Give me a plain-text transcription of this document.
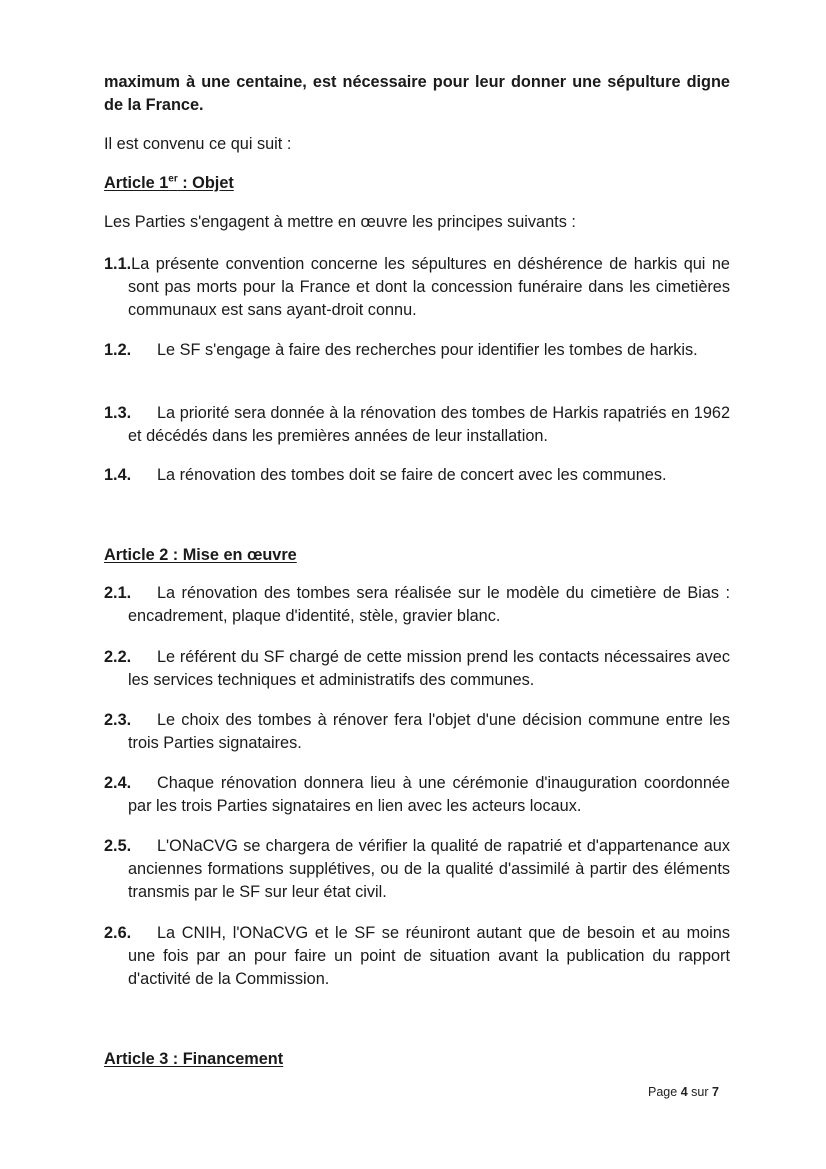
maximum à une centaine, est nécessaire pour leur donner une sépulture digne de la France.
Il est convenu ce qui suit :
Article 1er : Objet
Les Parties s'engagent à mettre en œuvre les principes suivants :
1.1.La présente convention concerne les sépultures en déshérence de harkis qui ne sont pas morts pour la France et dont la concession funéraire dans les cimetières communaux est sans ayant-droit connu.
1.2. Le SF s'engage à faire des recherches pour identifier les tombes de harkis.
1.3. La priorité sera donnée à la rénovation des tombes de Harkis rapatriés en 1962 et décédés dans les premières années de leur installation.
1.4. La rénovation des tombes doit se faire de concert avec les communes.
Article 2 : Mise en œuvre
2.1. La rénovation des tombes sera réalisée sur le modèle du cimetière de Bias : encadrement, plaque d'identité, stèle, gravier blanc.
2.2. Le référent du SF chargé de cette mission prend les contacts nécessaires avec les services techniques et administratifs des communes.
2.3. Le choix des tombes à rénover fera l'objet d'une décision commune entre les trois Parties signataires.
2.4. Chaque rénovation donnera lieu à une cérémonie d'inauguration coordonnée par les trois Parties signataires en lien avec les acteurs locaux.
2.5. L'ONaCVG se chargera de vérifier la qualité de rapatrié et d'appartenance aux anciennes formations supplétives, ou de la qualité d'assimilé à partir des éléments transmis par le SF sur leur état civil.
2.6. La CNIH, l'ONaCVG et le SF se réuniront autant que de besoin et au moins une fois par an pour faire un point de situation avant la publication du rapport d'activité de la Commission.
Article 3 : Financement
Page 4 sur 7
